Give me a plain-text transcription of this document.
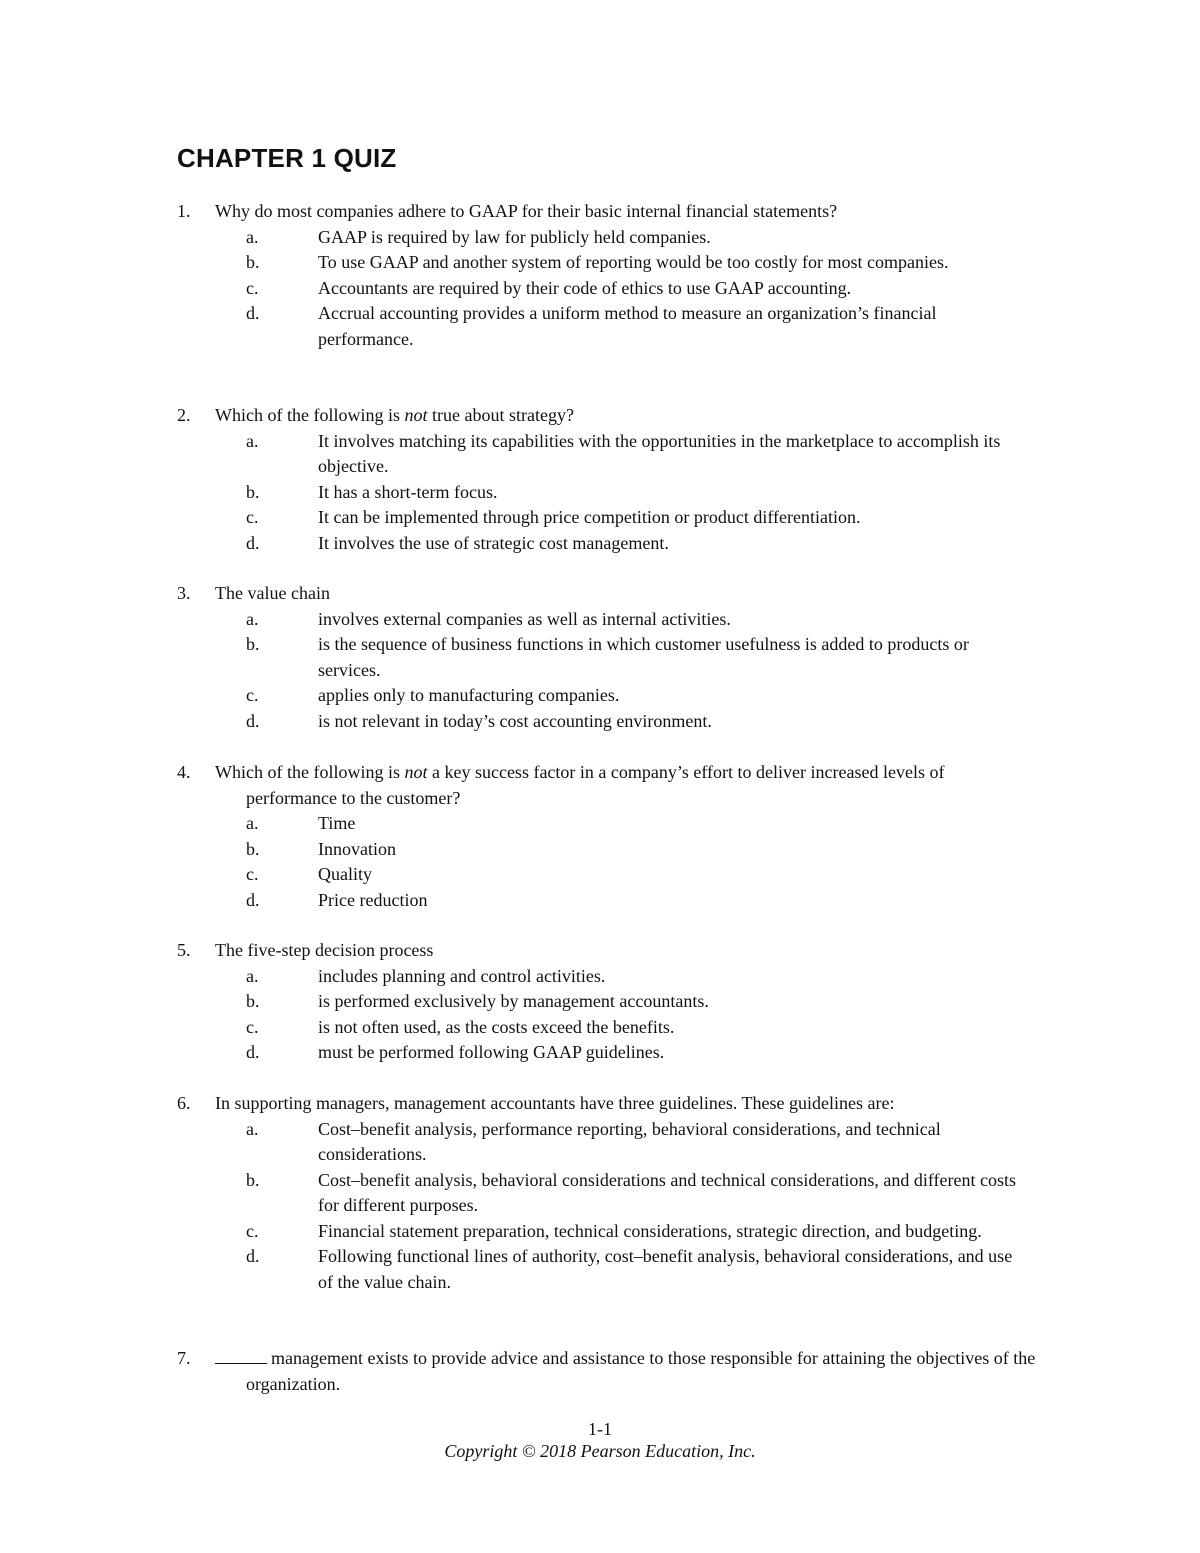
CHAPTER 1 QUIZ
1.	Why do most companies adhere to GAAP for their basic internal financial statements?
a.	GAAP is required by law for publicly held companies.
b.	To use GAAP and another system of reporting would be too costly for most companies.
c.	Accountants are required by their code of ethics to use GAAP accounting.
d.	Accrual accounting provides a uniform method to measure an organization’s financial performance.
2.	Which of the following is not true about strategy?
a.	It involves matching its capabilities with the opportunities in the marketplace to accomplish its objective.
b.	It has a short-term focus.
c.	It can be implemented through price competition or product differentiation.
d.	It involves the use of strategic cost management.
3.	The value chain
a.	involves external companies as well as internal activities.
b.	is the sequence of business functions in which customer usefulness is added to products or services.
c.	applies only to manufacturing companies.
d.	is not relevant in today’s cost accounting environment.
4.	Which of the following is not a key success factor in a company’s effort to deliver increased levels of performance to the customer?
a.	Time
b.	Innovation
c.	Quality
d.	Price reduction
5.	The five-step decision process
a.	includes planning and control activities.
b.	is performed exclusively by management accountants.
c.	is not often used, as the costs exceed the benefits.
d.	must be performed following GAAP guidelines.
6.	In supporting managers, management accountants have three guidelines. These guidelines are:
a.	Cost–benefit analysis, performance reporting, behavioral considerations, and technical considerations.
b.	Cost–benefit analysis, behavioral considerations and technical considerations, and different costs for different purposes.
c.	Financial statement preparation, technical considerations, strategic direction, and budgeting.
d.	Following functional lines of authority, cost–benefit analysis, behavioral considerations, and use of the value chain.
7.	management exists to provide advice and assistance to those responsible for attaining the objectives of the organization.
1-1
Copyright © 2018 Pearson Education, Inc.
